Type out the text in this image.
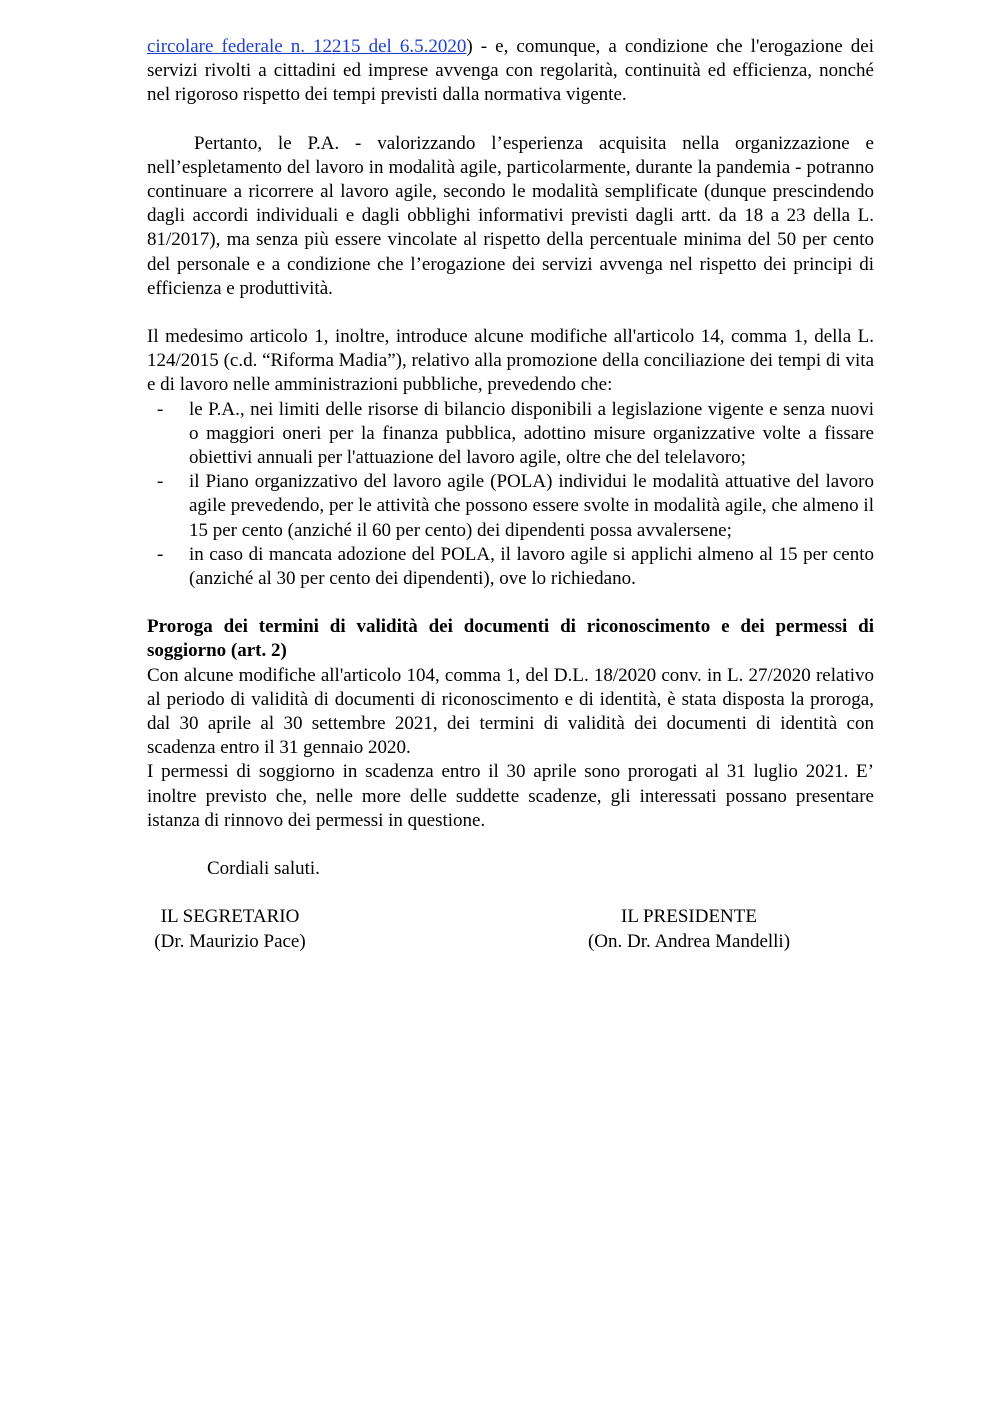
circolare federale n. 12215 del 6.5.2020) - e, comunque, a condizione che l'erogazione dei servizi rivolti a cittadini ed imprese avvenga con regolarità, continuità ed efficienza, nonché nel rigoroso rispetto dei tempi previsti dalla normativa vigente.

Pertanto, le P.A. - valorizzando l’esperienza acquisita nella organizzazione e nell’espletamento del lavoro in modalità agile, particolarmente, durante la pandemia - potranno continuare a ricorrere al lavoro agile, secondo le modalità semplificate (dunque prescindendo dagli accordi individuali e dagli obblighi informativi previsti dagli artt. da 18 a 23 della L. 81/2017), ma senza più essere vincolate al rispetto della percentuale minima del 50 per cento del personale e a condizione che l’erogazione dei servizi avvenga nel rispetto dei principi di efficienza e produttività.

Il medesimo articolo 1, inoltre, introduce alcune modifiche all'articolo 14, comma 1, della L. 124/2015 (c.d. “Riforma Madia”), relativo alla promozione della conciliazione dei tempi di vita e di lavoro nelle amministrazioni pubbliche, prevedendo che:

- le P.A., nei limiti delle risorse di bilancio disponibili a legislazione vigente e senza nuovi o maggiori oneri per la finanza pubblica, adottino misure organizzative volte a fissare obiettivi annuali per l'attuazione del lavoro agile, oltre che del telelavoro;
- il Piano organizzativo del lavoro agile (POLA) individui le modalità attuative del lavoro agile prevedendo, per le attività che possono essere svolte in modalità agile, che almeno il 15 per cento (anziché il 60 per cento) dei dipendenti possa avvalersene;
- in caso di mancata adozione del POLA, il lavoro agile si applichi almeno al 15 per cento (anziché al 30 per cento dei dipendenti), ove lo richiedano.

Proroga dei termini di validità dei documenti di riconoscimento e dei permessi di soggiorno (art. 2)

Con alcune modifiche all'articolo 104, comma 1, del D.L. 18/2020 conv. in L. 27/2020 relativo al periodo di validità di documenti di riconoscimento e di identità, è stata disposta la proroga, dal 30 aprile al 30 settembre 2021, dei termini di validità dei documenti di identità con scadenza entro il 31 gennaio 2020.

I permessi di soggiorno in scadenza entro il 30 aprile sono prorogati al 31 luglio 2021. E’ inoltre previsto che, nelle more delle suddette scadenze, gli interessati possano presentare istanza di rinnovo dei permessi in questione.

Cordiali saluti.

IL SEGRETARIO
(Dr. Maurizio Pace)
IL PRESIDENTE
(On. Dr. Andrea Mandelli)
